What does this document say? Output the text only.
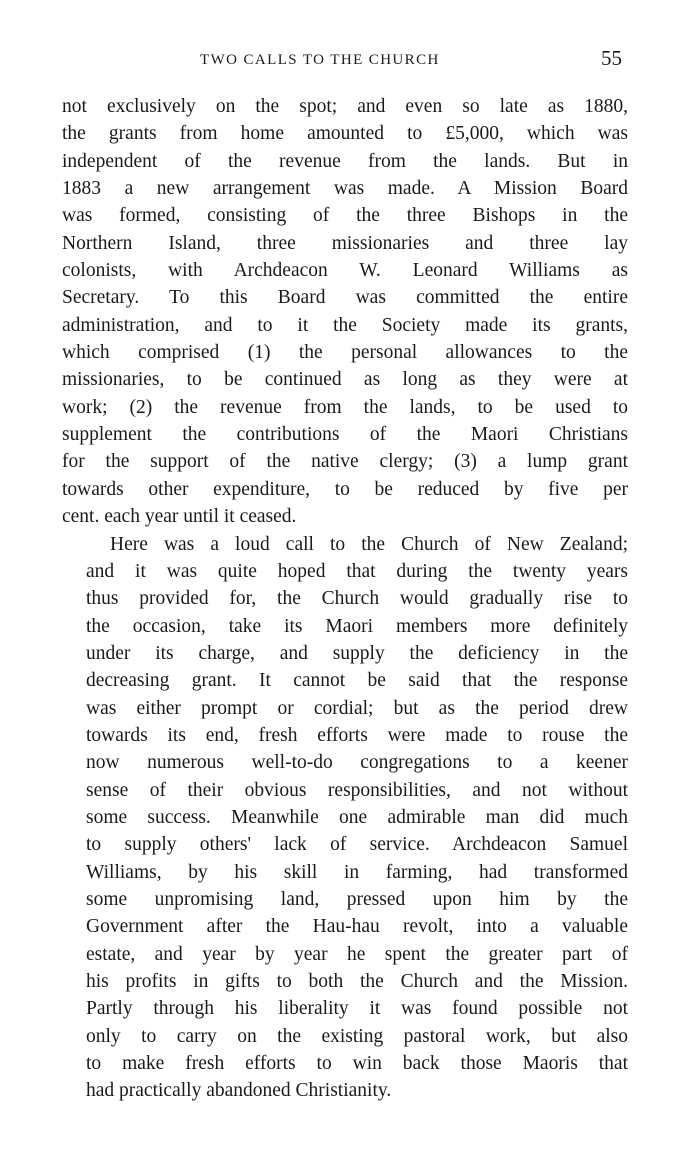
TWO CALLS TO THE CHURCH	55

not exclusively on the spot; and even so late as 1880,
the grants from home amounted to £5,000, which was
independent of the revenue from the lands. But in
1883 a new arrangement was made. A Mission Board
was formed, consisting of the three Bishops in the
Northern Island, three missionaries and three lay
colonists, with Archdeacon W. Leonard Williams as
Secretary. To this Board was committed the entire
administration, and to it the Society made its grants,
which comprised (1) the personal allowances to the
missionaries, to be continued as long as they were at
work; (2) the revenue from the lands, to be used to
supplement the contributions of the Maori Christians
for the support of the native clergy; (3) a lump grant
towards other expenditure, to be reduced by five per
cent. each year until it ceased.

Here was a loud call to the Church of New Zealand;
and it was quite hoped that during the twenty years
thus provided for, the Church would gradually rise to
the occasion, take its Maori members more definitely
under its charge, and supply the deficiency in the
decreasing grant. It cannot be said that the response
was either prompt or cordial; but as the period drew
towards its end, fresh efforts were made to rouse the
now numerous well-to-do congregations to a keener
sense of their obvious responsibilities, and not without
some success. Meanwhile one admirable man did much
to supply others' lack of service. Archdeacon Samuel
Williams, by his skill in farming, had transformed
some unpromising land, pressed upon him by the
Government after the Hau-hau revolt, into a valuable
estate, and year by year he spent the greater part of
his profits in gifts to both the Church and the Mission.
Partly through his liberality it was found possible not
only to carry on the existing pastoral work, but also
to make fresh efforts to win back those Maoris that
had practically abandoned Christianity.
